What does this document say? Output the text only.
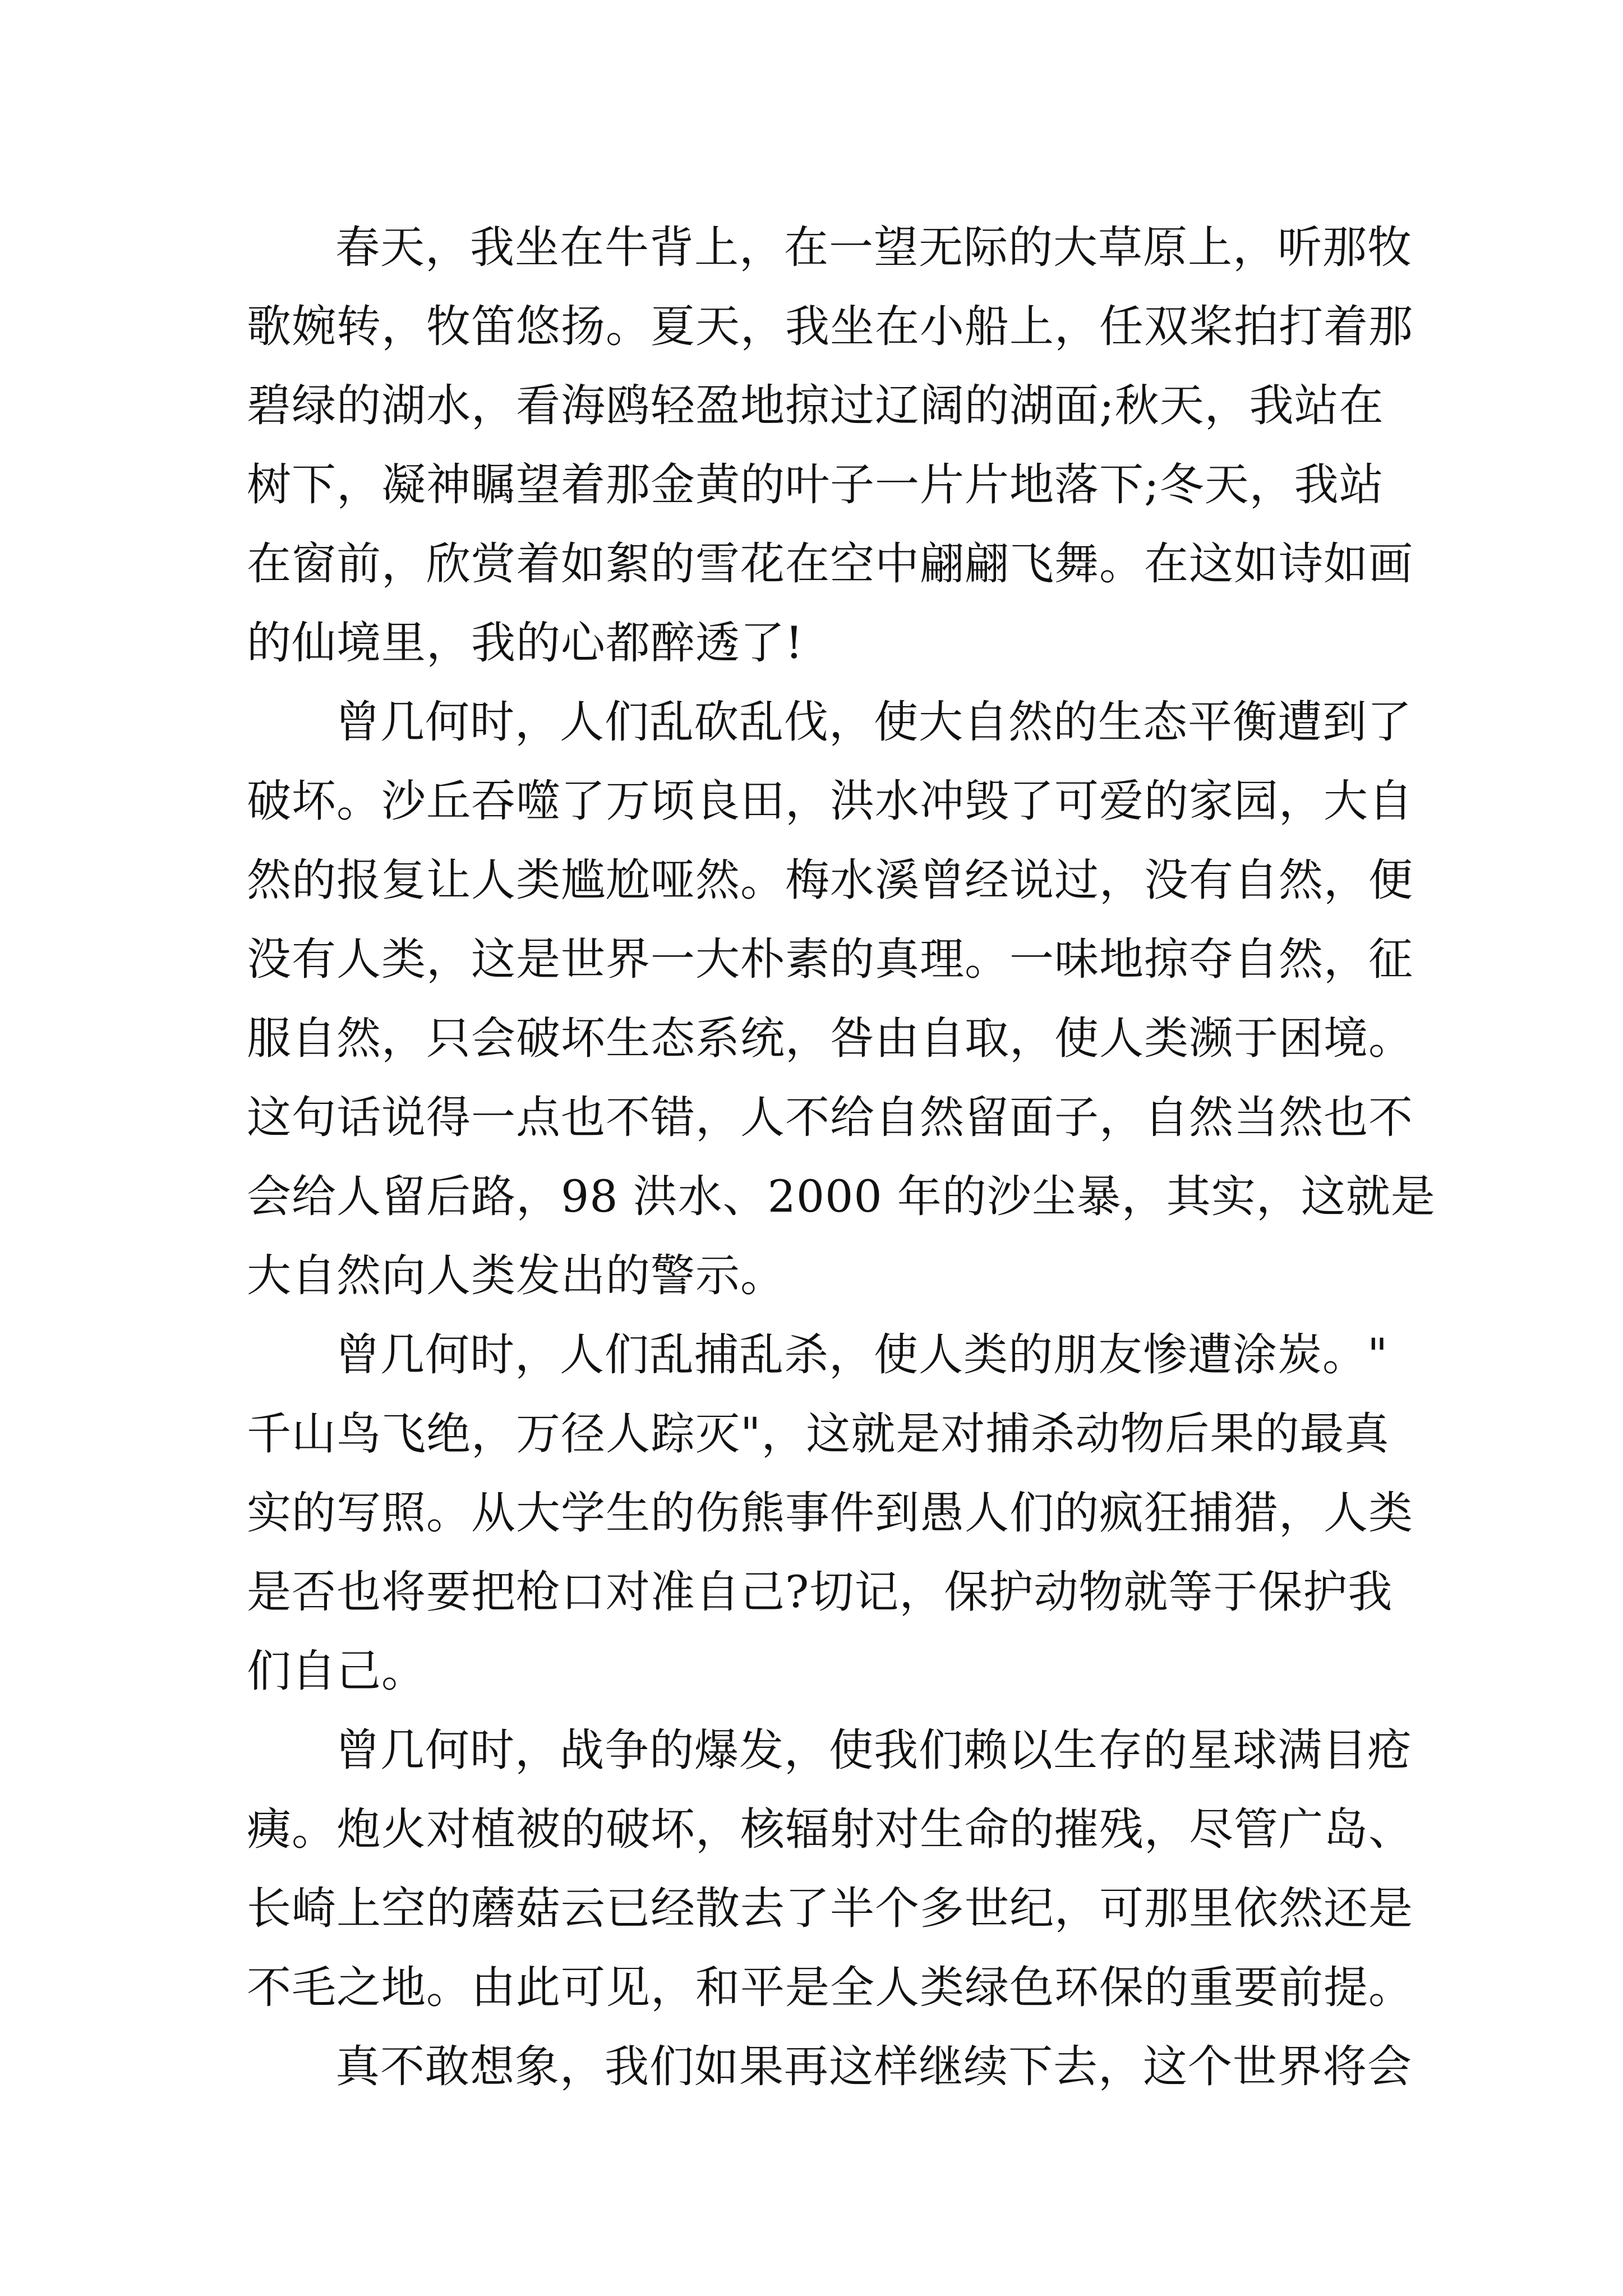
春天，我坐在牛背上，在一望无际的大草原上，听那牧

歌婉转，牧笛悠扬。夏天，我坐在小船上，任双桨拍打着那

碧绿的湖水，看海鸥轻盈地掠过辽阔的湖面;秋天，我站在

树下，凝神瞩望着那金黄的叶子一片片地落下;冬天，我站

在窗前，欣赏着如絮的雪花在空中翩翩飞舞。在这如诗如画

的仙境里，我的心都醉透了!

曾几何时，人们乱砍乱伐，使大自然的生态平衡遭到了

破坏。沙丘吞噬了万顷良田，洪水冲毁了可爱的家园，大自

然的报复让人类尴尬哑然。梅水溪曾经说过，没有自然，便

没有人类，这是世界一大朴素的真理。一味地掠夺自然，征

服自然，只会破坏生态系统，咎由自取，使人类濒于困境。

这句话说得一点也不错，人不给自然留面子，自然当然也不

会给人留后路，98 洪水、2000 年的沙尘暴，其实，这就是

大自然向人类发出的警示。

曾几何时，人们乱捕乱杀，使人类的朋友惨遭涂炭。"

千山鸟飞绝，万径人踪灭"，这就是对捕杀动物后果的最真

实的写照。从大学生的伤熊事件到愚人们的疯狂捕猎，人类

是否也将要把枪口对准自己?切记，保护动物就等于保护我

们自己。

曾几何时，战争的爆发，使我们赖以生存的星球满目疮

痍。炮火对植被的破坏，核辐射对生命的摧残，尽管广岛、

长崎上空的蘑菇云已经散去了半个多世纪，可那里依然还是

不毛之地。由此可见，和平是全人类绿色环保的重要前提。

真不敢想象，我们如果再这样继续下去，这个世界将会
